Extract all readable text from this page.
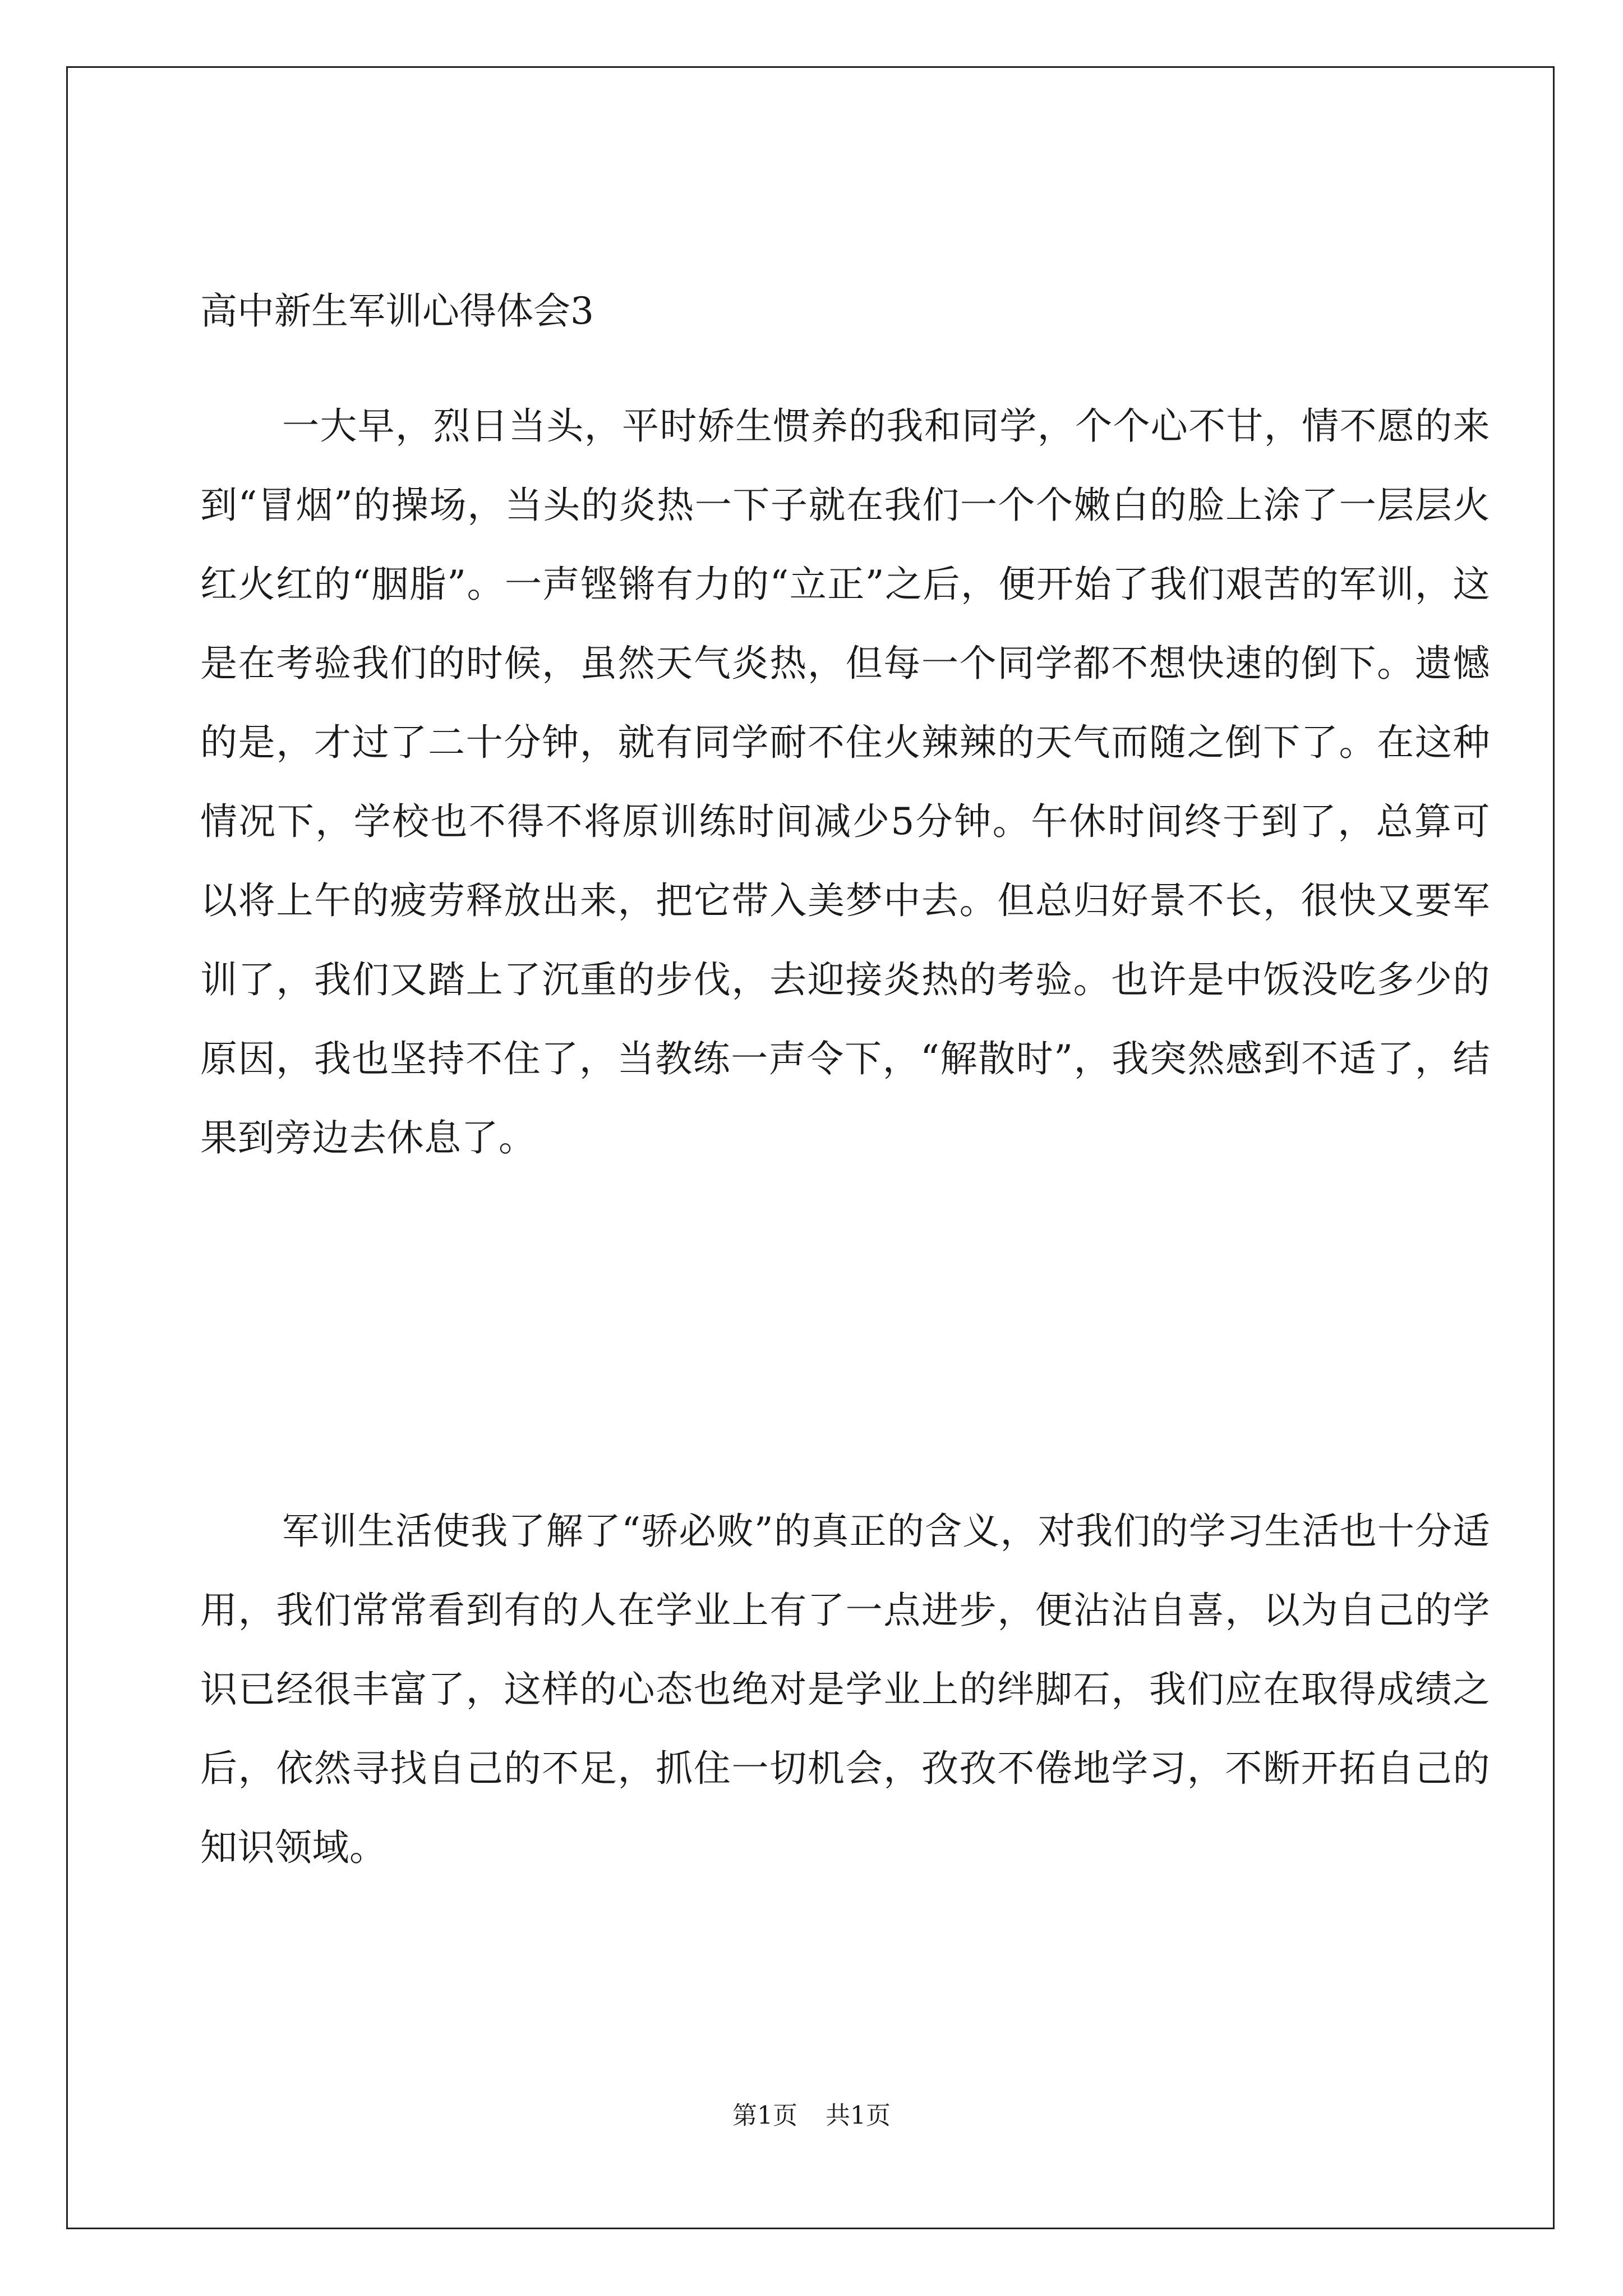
高中新生军训心得体会3

一大早，烈日当头，平时娇生惯养的我和同学，个个心不甘，情不愿的来到“冒烟”的操场，当头的炎热一下子就在我们一个个嫩白的脸上涂了一层层火红火红的“胭脂”。一声铿锵有力的“立正”之后，便开始了我们艰苦的军训，这是在考验我们的时候，虽然天气炎热，但每一个同学都不想快速的倒下。遗憾的是，才过了二十分钟，就有同学耐不住火辣辣的天气而随之倒下了。在这种情况下，学校也不得不将原训练时间减少5分钟。午休时间终于到了，总算可以将上午的疲劳释放出来，把它带入美梦中去。但总归好景不长，很快又要军训了，我们又踏上了沉重的步伐，去迎接炎热的考验。也许是中饭没吃多少的原因，我也坚持不住了，当教练一声令下，“解散时”，我突然感到不适了，结果到旁边去休息了。

军训生活使我了解了“骄必败”的真正的含义，对我们的学习生活也十分适用，我们常常看到有的人在学业上有了一点进步，便沾沾自喜，以为自己的学识已经很丰富了，这样的心态也绝对是学业上的绊脚石，我们应在取得成绩之后，依然寻找自己的不足，抓住一切机会，孜孜不倦地学习，不断开拓自己的知识领域。

第1页 共1页
